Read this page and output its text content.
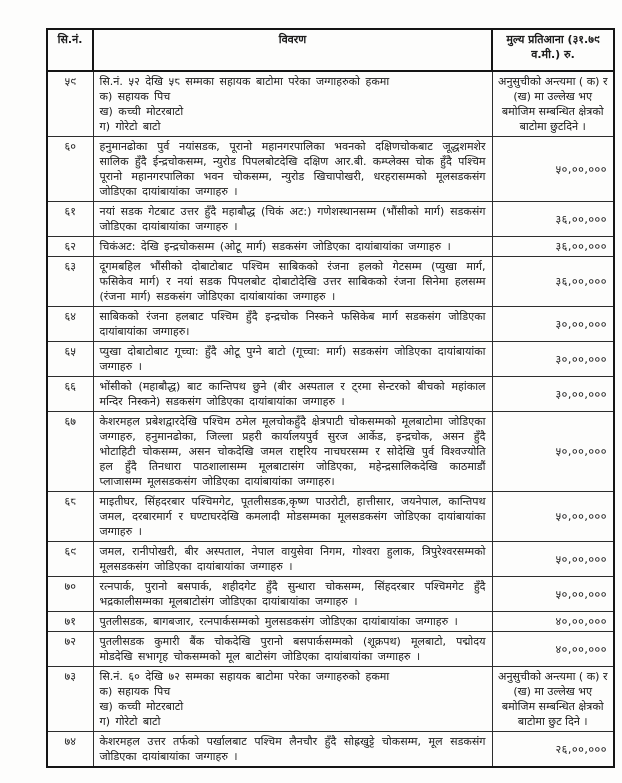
सि.नं.	विवरण	मुल्य प्रतिआना (३१.७९ व.मी.) रु.
५९	सि.नं. ५२ देखि ५८ सम्मका सहायक बाटोमा परेका जग्गाहरुको हकमा
क) सहायक पिच
ख) कच्ची मोटरबाटो
ग) गोरेटो बाटो	अनुसुचीको अन्त्यमा ( क) र (ख) मा उल्लेख भए बमोजिम सम्बन्धित क्षेत्रको बाटोमा छुटदिने ।
६०	हनुमानढोका पुर्व नयांसडक, पूरानो महानगरपालिका भवनको दक्षिणचोकबाट जूद्धशमशेर सालिक हुँदै ईन्द्रचोकसम्म, न्युरोड पिपलबोटदेखि दक्षिण आर.बी. कम्प्लेक्स चोक हुँदै पश्चिम पूरानो महानगरपालिका भवन चोकसम्म, न्युरोड खिचापोखरी, धरहरासम्मको मूलसडकसंग जोडिएका दायांबायांका जग्गाहरु ।	५०,००,०००
६१	नयां सडक गेटबाट उत्तर हुँदै महाबौद्ध (चिकं अट:) गणेशस्थानसम्म (भौंसीको मार्ग) सडकसंग जोडिएका दायांबायांका जग्गाहरु ।	३६,००,०००
६२	चिकंअट: देखि इन्द्रचोकसम्म (ओटू मार्ग) सडकसंग जोडिएका दायांबायांका जग्गाहरु ।	३६,००,०००
६३	दूगमबहिल भौंसीको दोबाटोबाट पश्चिम साबिकको रंजना हलको गेटसम्म (प्युखा मार्ग, फसिकेव मार्ग) र नयां सडक पिपलबोट दोबाटोदेखि उत्तर साबिकको रंजना सिनेमा हलसम्म (रंजना मार्ग) सडकसंग जोडिएका दायांबायांका जग्गाहरु ।	३६,००,०००
६४	साबिकको रंजना हलबाट पश्चिम हुँदै इन्द्रचोक निस्कने फसिकेब मार्ग सडकसंग जोडिएका दायांबायांका जग्गाहरु।	३०,००,०००
६५	प्युखा दोबाटोबाट गूच्चा: हुँदै ओटू पुग्ने बाटो (गूच्चा: मार्ग) सडकसंग जोडिएका दायांबायांका जग्गाहरु ।	३०,००,०००
६६	भोंसीको (महाबौद्ध) बाट कान्तिपथ छुने (बीर अस्पताल र ट्रमा सेन्टरको बीचको महांकाल मन्दिर निस्कने) सडकसंग जोडिएका दायांबायांका जग्गाहरु ।	३०,००,०००
६७	केशरमहल प्रबेशद्वारदेखि पश्चिम ठमेल मूलचोकहुँदै क्षेत्रपाटी चोकसम्मको मूलबाटोमा जोडिएका जग्गाहरु, हनुमानढोका, जिल्ला प्रहरी कार्यालयपुर्व सुरज आर्केड, इन्द्रचोक, असन हुँदै भोटाहिटी चोकसम्म, असन चोकदेखि जमल राष्ट्रिय नाचघरसम्म र सोदेखि पुर्व विश्वज्योति हल हुँदै तिनधारा पाठशालासम्म मूलबाटासंग जोडिएका, महेन्द्रसालिकदेखि काठमाडौं प्लाजासम्म मूलसडकसंग जोडिएका दायांबायांका जग्गाहरु।	५०,००,०००
६८	माइतीघर, सिंहदरबार पश्चिमगेट, पूतलीसडक,कृष्ण पाउरोटी, हात्तीसार, जयनेपाल, कान्तिपथ जमल, दरबारमार्ग र घण्टाघरदेखि कमलादी मोडसम्मका मूलसडकसंग जोडिएका दायांबायांका जग्गाहरु ।	५०,००,०००
६९	जमल, रानीपोखरी, बीर अस्पताल, नेपाल वायुसेवा निगम, गोश्वरा हुलाक, त्रिपुरेश्वरसम्मको मूलसडकसंग जोडिएका दायांबायांका जग्गाहरु ।	५०,००,०००
७०	रत्नपार्क, पुरानो बसपार्क, शहीदगेट हुँदै सुन्धारा चोकसम्म, सिंहदरबार पश्चिमगेट हुँदै भद्रकालीसम्मका मूलबाटोसंग जोडिएका दायांबायांका जग्गाहरु ।	५०,००,०००
७१	पुतलीसडक, बागबजार, रत्नपार्कसम्मको मुलसडकसंग जोडिएका दायांबायांका जग्गाहरु ।	४०,००,०००
७२	पुतलीसडक कुमारी बैंक चोकदेखि पुरानो बसपार्कसम्मको (शूक्रपथ) मूलबाटो, पद्मोदय मोडदेखि सभागृह चोकसम्मको मूल बाटोसंग जोडिएका दायांबायांका जग्गाहरु ।	४०,००,०००
७३	सि.नं. ६० देखि ७२ सम्मका सहायक बाटोमा परेका जग्गाहरुको हकमा
क) सहायक पिच
ख) कच्ची मोटरबाटो
ग) गोरेटो बाटो	अनुसुचीको अन्त्यमा ( क) र (ख) मा उल्लेख भए बमोजिम सम्बन्धित क्षेत्रको बाटोमा छुट दिने ।
७४	केशरमहल उत्तर तर्फको पर्खालबाट पश्चिम लैनचौर हुँदै सोह्रखुट्टे चोकसम्म, मूल सडकसंग जोडिएका दायांबायांका जग्गाहरु ।	२६,००,०००
